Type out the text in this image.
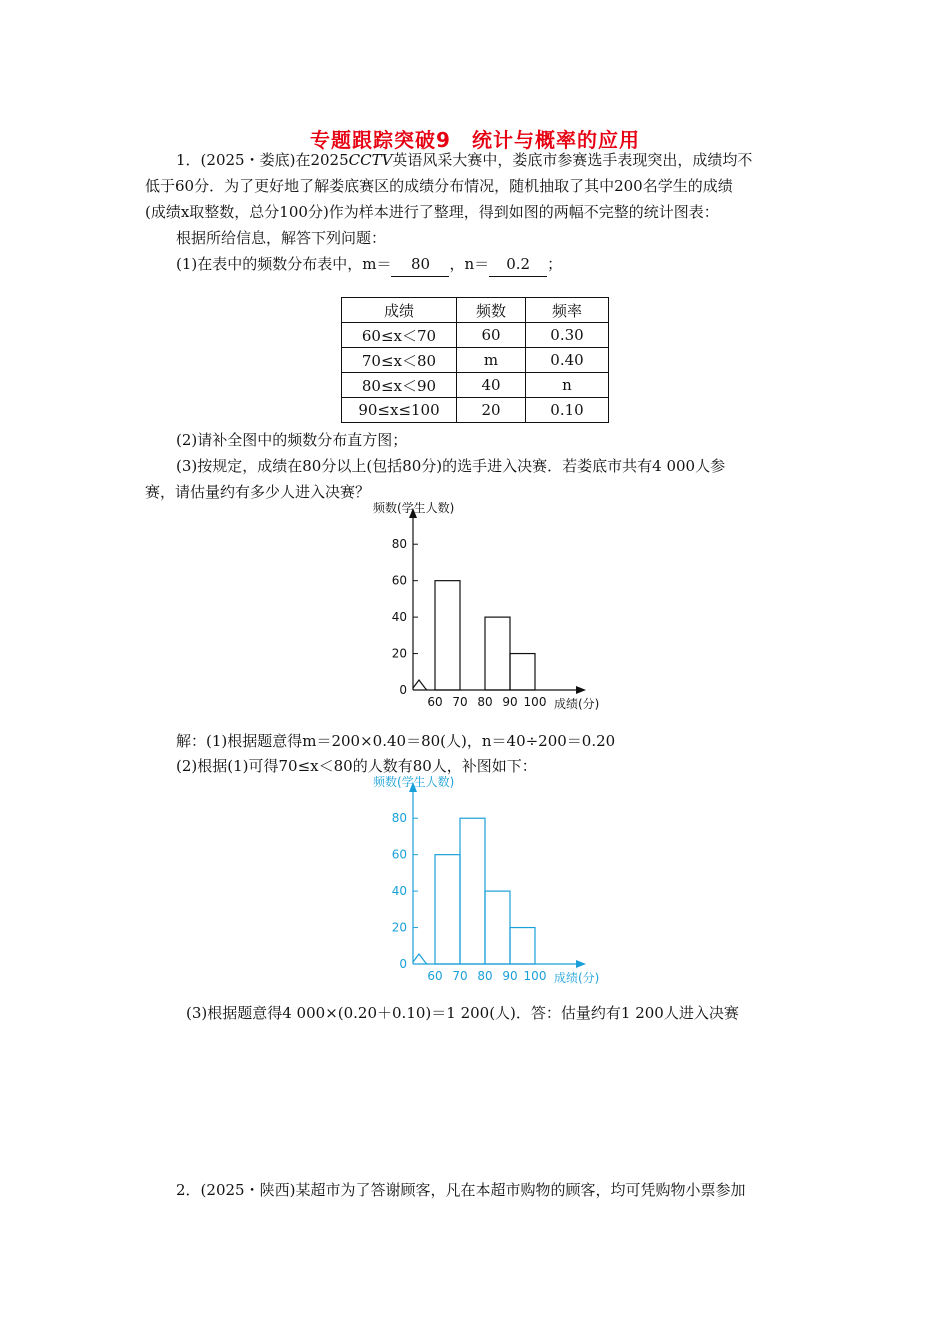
专题跟踪突破9　统计与概率的应用
1．(2025・娄底)在2025CCTV英语风采大赛中，娄底市参赛选手表现突出，成绩均不
低于60分．为了更好地了解娄底赛区的成绩分布情况，随机抽取了其中200名学生的成绩
(成绩x取整数，总分100分)作为样本进行了整理，得到如图的两幅不完整的统计图表：
根据所给信息，解答下列问题：
(1)在表中的频数分布表中，m＝ 80 ，n＝ 0.2 ；
成绩	频数	频率
60≤x＜70	60	0.30
70≤x＜80	m	0.40
80≤x＜90	40	n
90≤x≤100	20	0.10
(2)请补全图中的频数分布直方图；
(3)按规定，成绩在80分以上(包括80分)的选手进入决赛．若娄底市共有4 000人参
赛，请估量约有多少人进入决赛？
0
20
40
60
80
60 70 80 90 100
频数(学生人数)
成绩(分)
解：(1)根据题意得m＝200×0.40＝80(人)，n＝40÷200＝0.20
(2)根据(1)可得70≤x＜80的人数有80人，补图如下：
0
20
40
60
80
60 70 80 90 100
频数(学生人数)
成绩(分)
(3)根据题意得4 000×(0.20＋0.10)＝1 200(人)．答：估量约有1 200人进入决赛
2．(2025・陕西)某超市为了答谢顾客，凡在本超市购物的顾客，均可凭购物小票参加
